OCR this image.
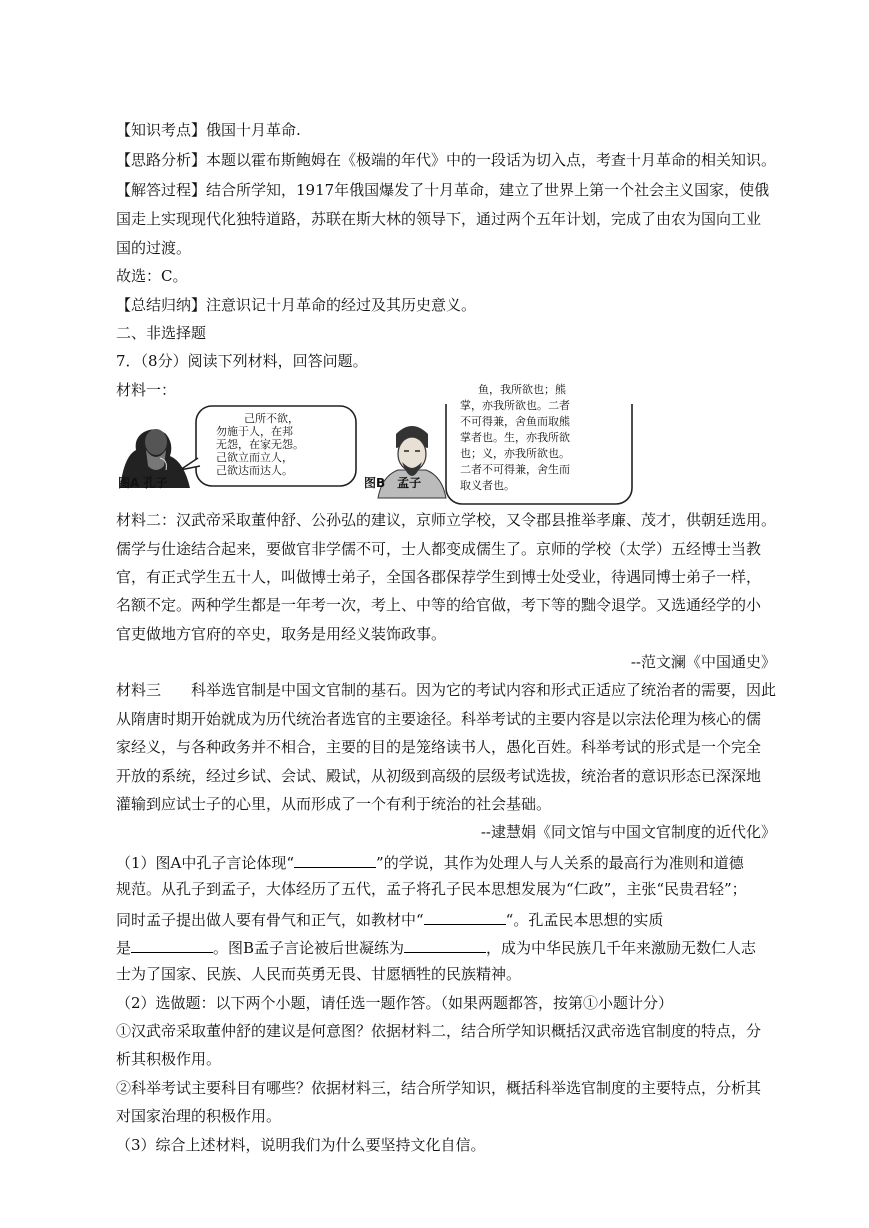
【知识考点】俄国十月革命.
【思路分析】本题以霍布斯鲍姆在《极端的年代》中的一段话为切入点，考查十月革命的相关知识。
【解答过程】结合所学知，1917年俄国爆发了十月革命，建立了世界上第一个社会主义国家，使俄
国走上实现现代化独特道路，苏联在斯大林的领导下，通过两个五年计划，完成了由农为国向工业
国的过渡。
故选：C。
【总结归纳】注意识记十月革命的经过及其历史意义。
二、非选择题
7．（8分）阅读下列材料，回答问题。
材料一：
己所不欲，
勿施于人，在邦
无怨，在家无怨。
己欲立而立人，
己欲达而达人。
鱼，我所欲也；熊
掌，亦我所欲也。二者
不可得兼，舍鱼而取熊
掌者也。生，亦我所欲
也；义，亦我所欲也。
二者不可得兼，舍生而
取义者也。
图A 孔子	图B　孟子
材料二：汉武帝采取董仲舒、公孙弘的建议，京师立学校，又令郡县推举孝廉、茂才，供朝廷选用。
儒学与仕途结合起来，要做官非学儒不可，士人都变成儒生了。京师的学校（太学）五经博士当教
官，有正式学生五十人，叫做博士弟子，全国各郡保荐学生到博士处受业，待遇同博士弟子一样，
名额不定。两种学生都是一年考一次，考上、中等的给官做，考下等的黜令退学。又选通经学的小
官吏做地方官府的卒史，取务是用经义装饰政事。
--范文澜《中国通史》
材料三　　科举选官制是中国文官制的基石。因为它的考试内容和形式正适应了统治者的需要，因此
从隋唐时期开始就成为历代统治者选官的主要途径。科举考试的主要内容是以宗法伦理为核心的儒
家经义，与各种政务并不相合，主要的目的是笼络读书人，愚化百姓。科举考试的形式是一个完全
开放的系统，经过乡试、会试、殿试，从初级到高级的层级考试选拔，统治者的意识形态已深深地
灌输到应试士子的心里，从而形成了一个有利于统治的社会基础。
--逮慧娟《同文馆与中国文官制度的近代化》
（1）图A中孔子言论体现“	”的学说，其作为处理人与人关系的最高行为准则和道德
规范。从孔子到孟子，大体经历了五代，孟子将孔子民本思想发展为“仁政”，主张“民贵君轻”；
同时孟子提出做人要有骨气和正气，如教材中“	“。孔孟民本思想的实质
是	。图B孟子言论被后世凝练为	，成为中华民族几千年来激励无数仁人志
士为了国家、民族、人民而英勇无畏、甘愿牺牲的民族精神。
（2）选做题：以下两个小题，请任选一题作答。（如果两题都答，按第①小题计分）
①汉武帝采取董仲舒的建议是何意图？依据材料二，结合所学知识概括汉武帝选官制度的特点，分
析其积极作用。
②科举考试主要科目有哪些？依据材料三，结合所学知识，概括科举选官制度的主要特点，分析其
对国家治理的积极作用。
（3）综合上述材料，说明我们为什么要坚持文化自信。
